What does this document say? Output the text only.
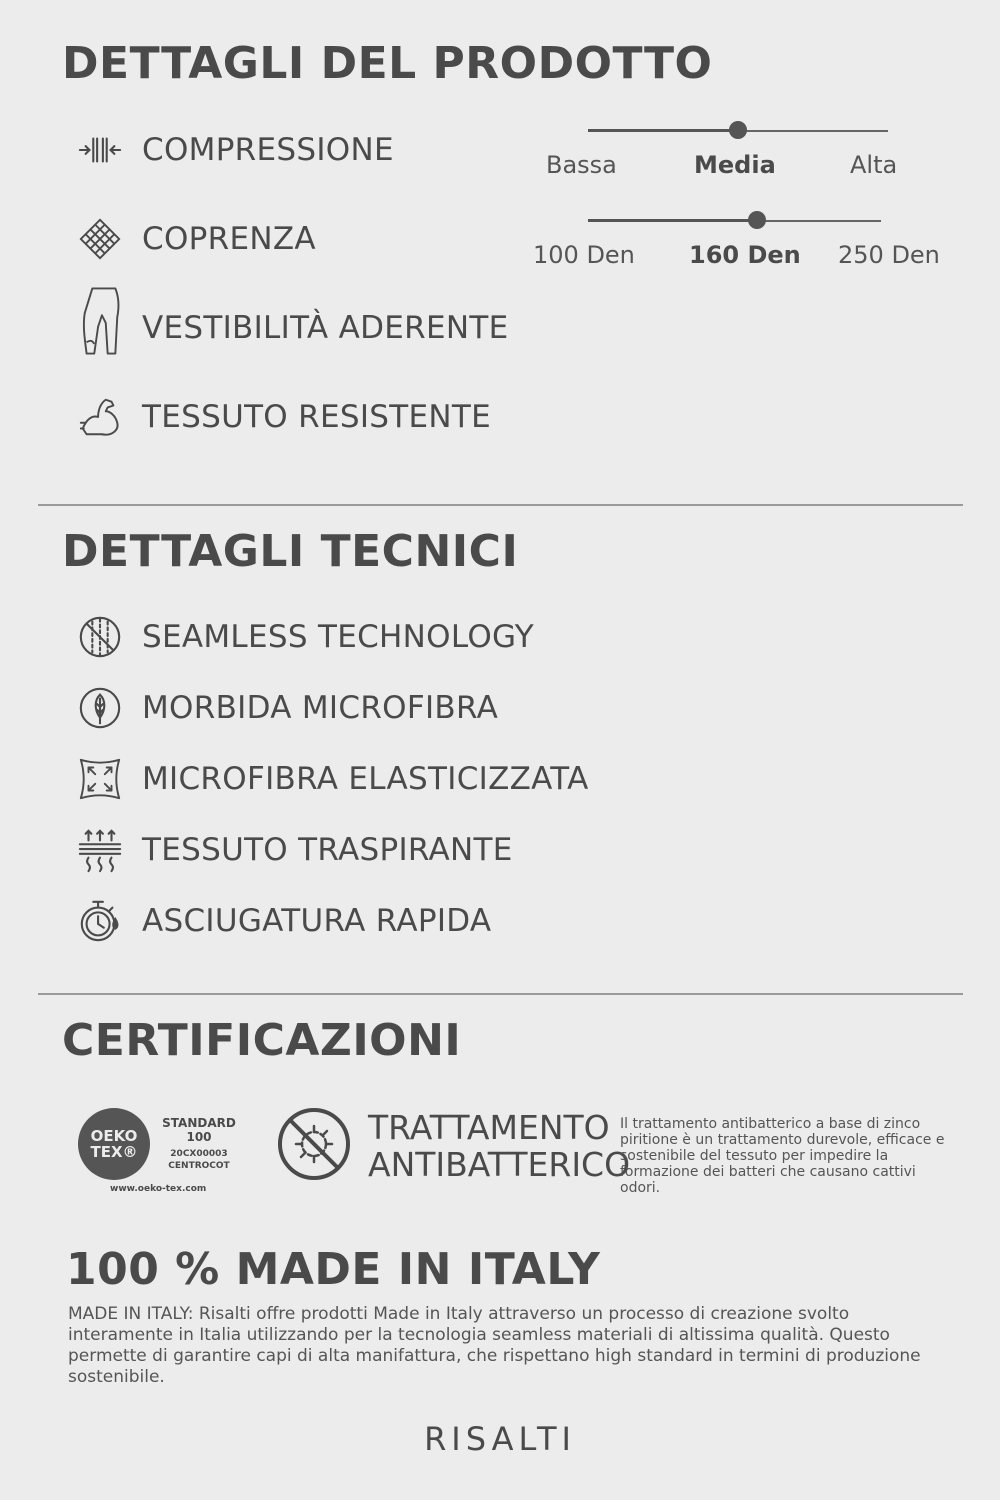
DETTAGLI DEL PRODOTTO
COMPRESSIONE
COPRENZA
VESTIBILITÀ ADERENTE
TESSUTO RESISTENTE
Bassa	Media	Alta
100 Den 160 Den 250 Den
DETTAGLI TECNICI
SEAMLESS TECHNOLOGY
MORBIDA MICROFIBRA
MICROFIBRA ELASTICIZZATA
TESSUTO TRASPIRANTE
ASCIUGATURA RAPIDA
CERTIFICAZIONI
OEKO
TEX®
STANDARD
100
20CX00003
CENTROCOT
www.oeko-tex.com
TRATTAMENTO
ANTIBATTERICO
Il trattamento antibatterico a base di zinco piritione è un trattamento durevole, efficace e sostenibile del tessuto per impedire la formazione dei batteri che causano cattivi odori.
100 % MADE IN ITALY
MADE IN ITALY: Risalti offre prodotti Made in Italy attraverso un processo di creazione svolto interamente in Italia utilizzando per la tecnologia seamless materiali di altissima qualità. Questo permette di garantire capi di alta manifattura, che rispettano high standard in termini di produzione sostenibile.
RISALTI
